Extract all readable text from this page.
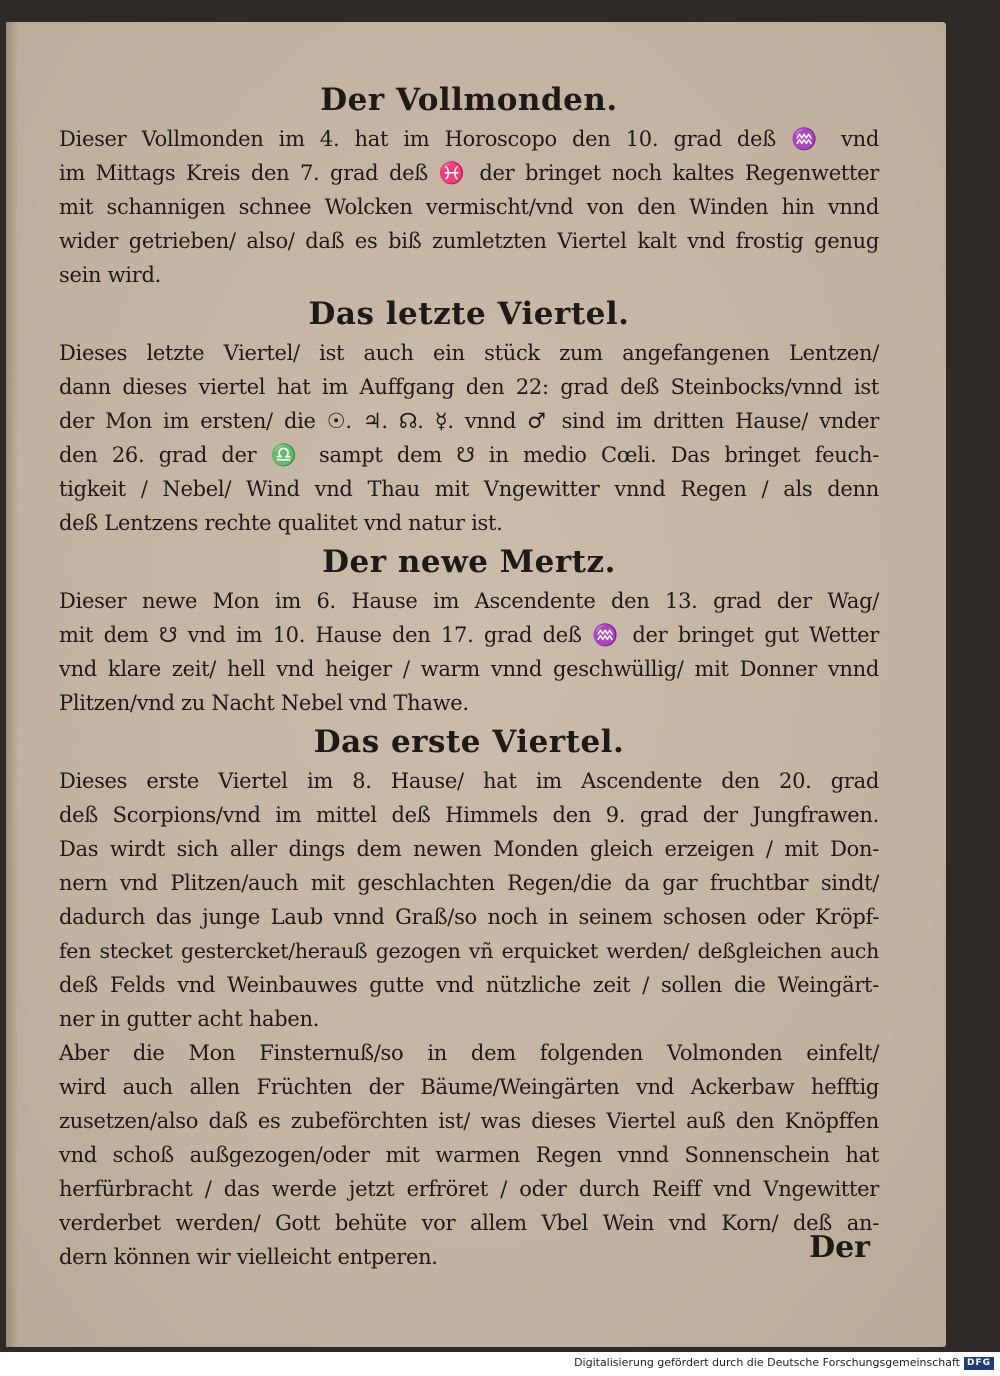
Der Vollmonden.
Dieser Vollmonden im 4. hat im Horoscopo den 10. grad deß ♒ vnd
im Mittags Kreis den 7. grad deß ♓ der bringet noch kaltes Regenwetter
mit schannigen schnee Wolcken vermischt/vnd von den Winden hin vnnd
wider getrieben/ also/ daß es biß zumletzten Viertel kalt vnd frostig genug
sein wird.
Das letzte Viertel.
Dieses letzte Viertel/ ist auch ein stück zum angefangenen Lentzen/
dann dieses viertel hat im Auffgang den 22: grad deß Steinbocks/vnnd ist
der Mon im ersten/ die ☉. ♃. ☊. ☿. vnnd ♂ sind im dritten Hause/ vnder
den 26. grad der ♎ sampt dem ☋ in medio Cœli. Das bringet feuch-
tigkeit / Nebel/ Wind vnd Thau mit Vngewitter vnnd Regen / als denn
deß Lentzens rechte qualitet vnd natur ist.
Der newe Mertz.
Dieser newe Mon im 6. Hause im Ascendente den 13. grad der Wag/
mit dem ☋ vnd im 10. Hause den 17. grad deß ♒ der bringet gut Wetter
vnd klare zeit/ hell vnd heiger / warm vnnd geschwüllig/ mit Donner vnnd
Plitzen/vnd zu Nacht Nebel vnd Thawe.
Das erste Viertel.
Dieses erste Viertel im 8. Hause/ hat im Ascendente den 20. grad
deß Scorpions/vnd im mittel deß Himmels den 9. grad der Jungfrawen.
Das wirdt sich aller dings dem newen Monden gleich erzeigen / mit Don-
nern vnd Plitzen/auch mit geschlachten Regen/die da gar fruchtbar sindt/
dadurch das junge Laub vnnd Graß/so noch in seinem schosen oder Kröpf-
fen stecket gestercket/herauß gezogen vñ erquicket werden/ deßgleichen auch
deß Felds vnd Weinbauwes gutte vnd nützliche zeit / sollen die Weingärt-
ner in gutter acht haben.
Aber die Mon Finsternuß/so in dem folgenden Volmonden einfelt/
wird auch allen Früchten der Bäume/Weingärten vnd Ackerbaw hefftig
zusetzen/also daß es zubeförchten ist/ was dieses Viertel auß den Knöpffen
vnd schoß außgezogen/oder mit warmen Regen vnnd Sonnenschein hat
herfürbracht / das werde jetzt erfröret / oder durch Reiff vnd Vngewitter
verderbet werden/ Gott behüte vor allem Vbel Wein vnd Korn/ deß an-
dern können wir vielleicht entperen.	Der
Digitalisierung gefördert durch die Deutsche Forschungsgemeinschaft DFG
